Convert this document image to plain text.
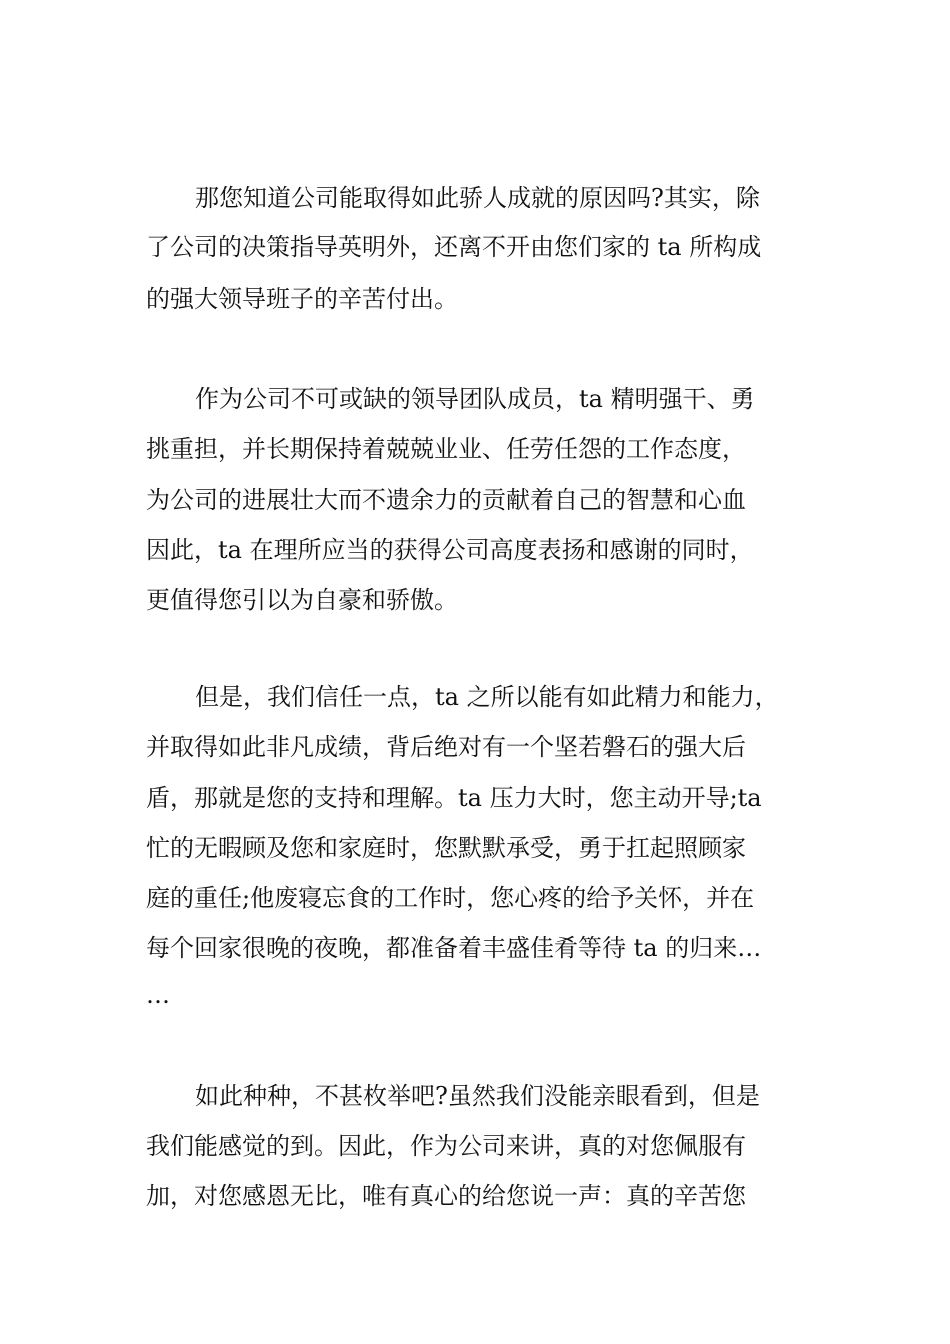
那您知道公司能取得如此骄人成就的原因吗?其实，除

了公司的决策指导英明外，还离不开由您们家的 ta 所构成

的强大领导班子的辛苦付出。

作为公司不可或缺的领导团队成员，ta 精明强干、勇

挑重担，并长期保持着兢兢业业、任劳任怨的工作态度，

为公司的进展壮大而不遗余力的贡献着自己的智慧和心血

因此，ta 在理所应当的获得公司高度表扬和感谢的同时，

更值得您引以为自豪和骄傲。

但是，我们信任一点，ta 之所以能有如此精力和能力，

并取得如此非凡成绩，背后绝对有一个坚若磐石的强大后

盾，那就是您的支持和理解。ta 压力大时，您主动开导;ta

忙的无暇顾及您和家庭时，您默默承受，勇于扛起照顾家

庭的重任;他废寝忘食的工作时，您心疼的给予关怀，并在

每个回家很晚的夜晚，都准备着丰盛佳肴等待 ta 的归来…

…

如此种种，不甚枚举吧?虽然我们没能亲眼看到，但是

我们能感觉的到。因此，作为公司来讲，真的对您佩服有

加，对您感恩无比，唯有真心的给您说一声：真的辛苦您
